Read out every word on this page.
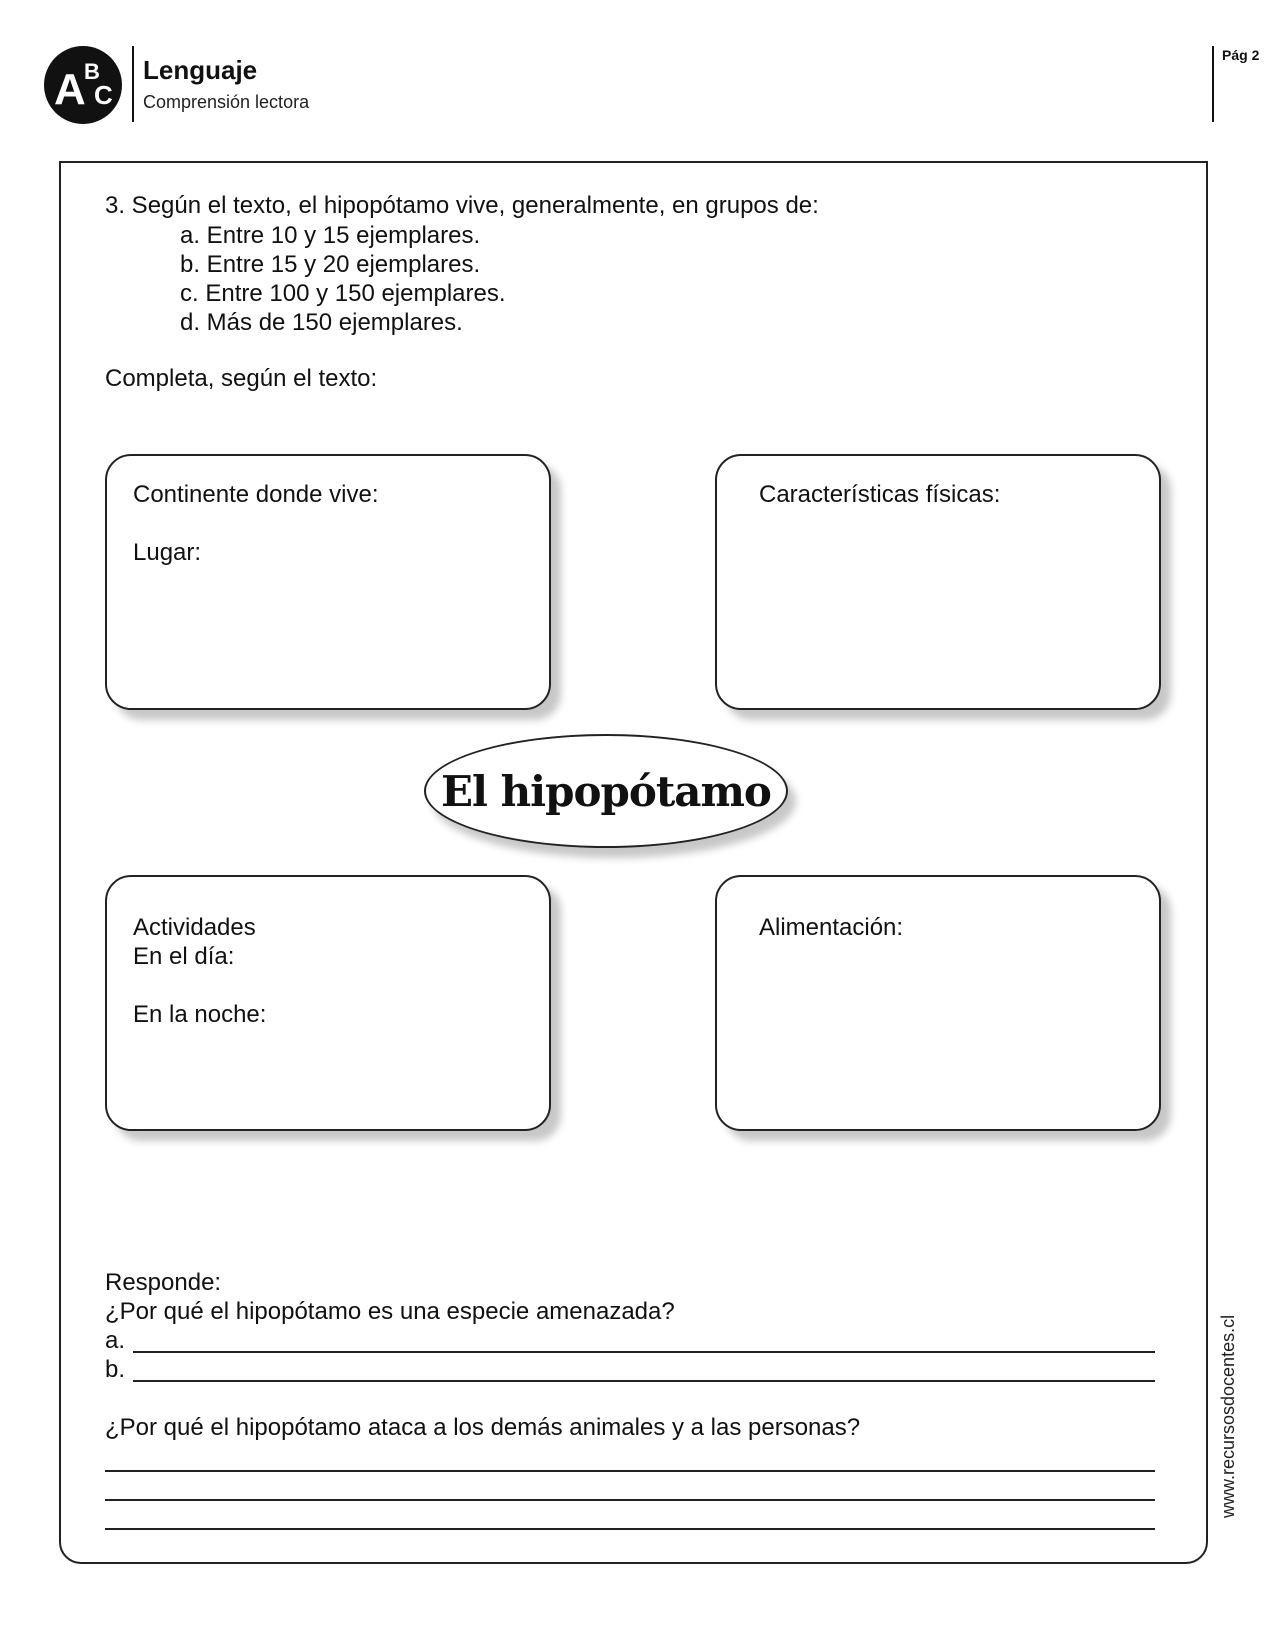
A
B
C
Lenguaje
Comprensión lectora
Pág 2
3. Según el texto, el hipopótamo vive, generalmente, en grupos de:
a. Entre 10 y 15 ejemplares.
b. Entre 15 y 20 ejemplares.
c. Entre 100 y 150 ejemplares.
d. Más de 150 ejemplares.
Completa, según el texto:
Continente donde vive:
Lugar:
Características físicas:
El hipopótamo
Actividades
En el día:
En la noche:
Alimentación:
Responde:
¿Por qué el hipopótamo es una especie amenazada?
a.
b.
¿Por qué el hipopótamo ataca a los demás animales y a las personas?	www.recursosdocentes.cl
